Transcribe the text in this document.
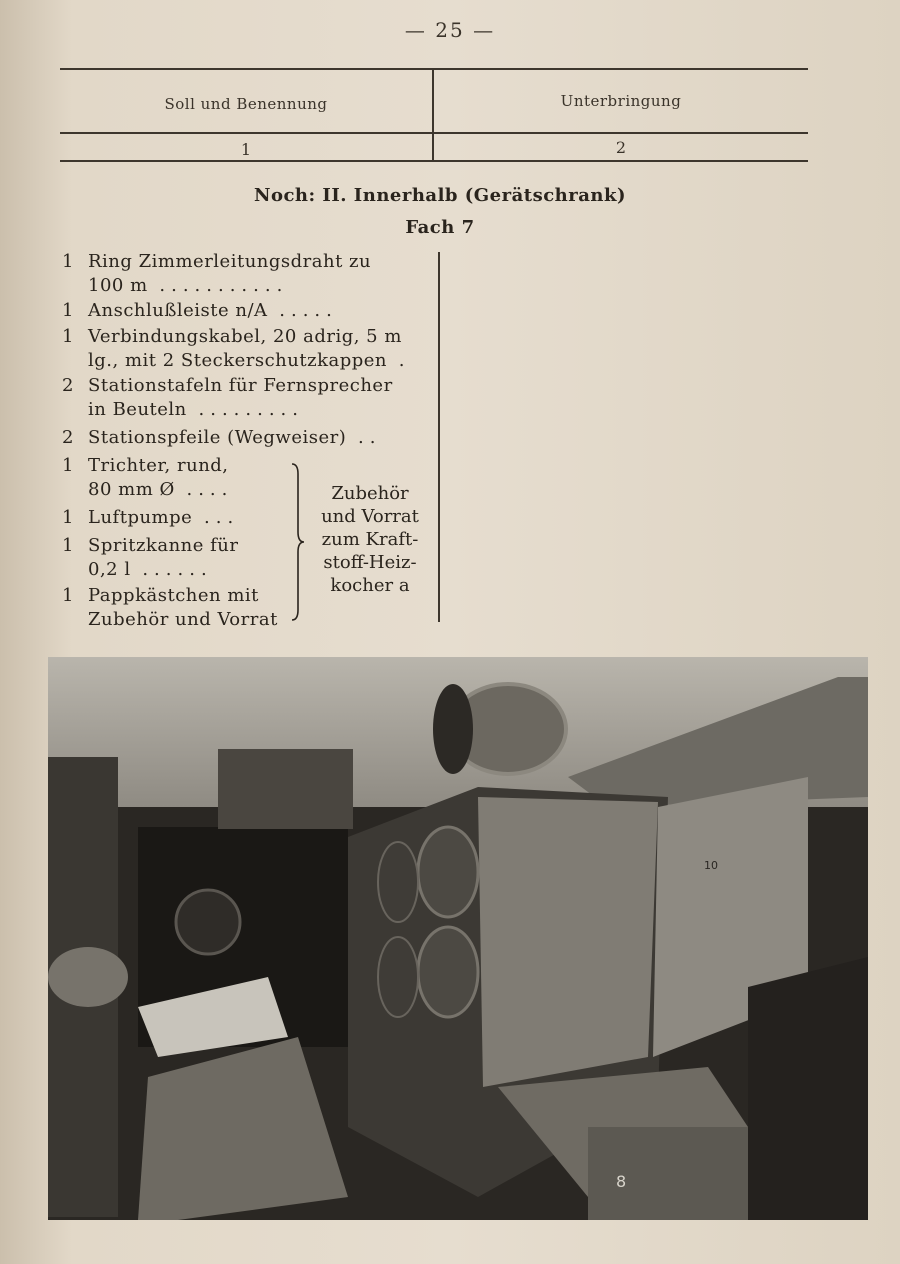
— 25 —
Soll und Benennung	Unterbringung
1	2
Noch: II. Innerhalb (Gerätschrank)
Fach 7
1 Ring Zimmerleitungsdraht zu
100 m ...........
1 Anschlußleiste n/A .....
1 Verbindungskabel, 20 adrig, 5 m
lg., mit 2 Steckerschutzkappen .
2 Stationstafeln für Fernsprecher
in Beuteln .........
2 Stationspfeile (Wegweiser) ..
1 Trichter, rund,
80 mm Ø ....
1 Luftpumpe ...
1 Spritzkanne für
0,2 l ......
1 Pappkästchen mit
Zubehör und Vorrat
Zubehör
und Vorrat
zum Kraft-
stoff-Heiz-
kocher a
10
8
